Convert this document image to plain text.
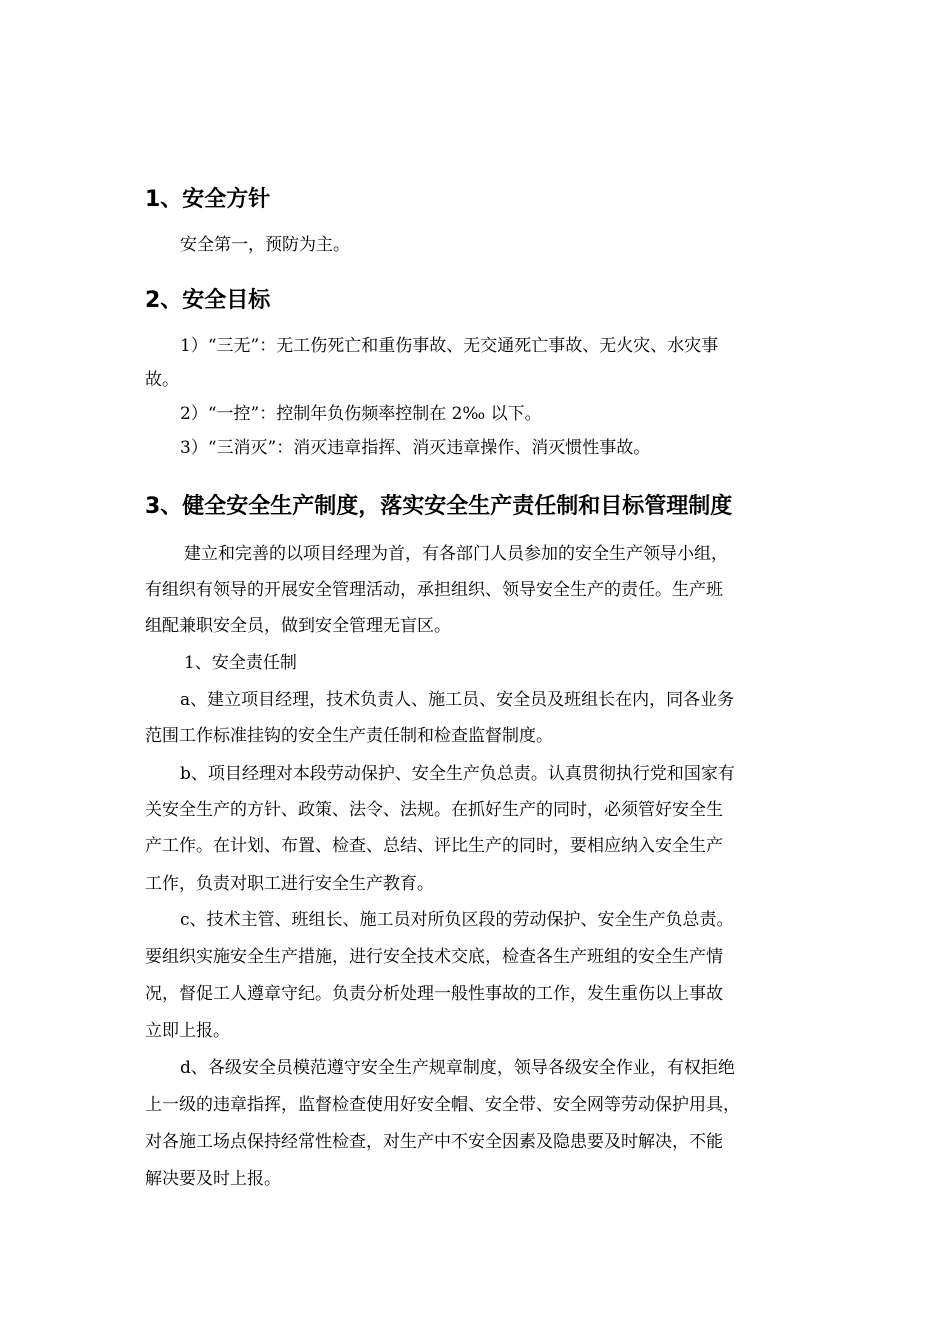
1、安全方针
安全第一，预防为主。
2、安全目标
1）“三无”：无工伤死亡和重伤事故、无交通死亡事故、无火灾、水灾事
故。
2）“一控”：控制年负伤频率控制在 2‰ 以下。
3）“三消灭”：消灭违章指挥、消灭违章操作、消灭惯性事故。
3、健全安全生产制度，落实安全生产责任制和目标管理制度
建立和完善的以项目经理为首，有各部门人员参加的安全生产领导小组，
有组织有领导的开展安全管理活动，承担组织、领导安全生产的责任。生产班
组配兼职安全员，做到安全管理无盲区。
1、安全责任制
a、建立项目经理，技术负责人、施工员、安全员及班组长在内，同各业务
范围工作标准挂钩的安全生产责任制和检查监督制度。
b、项目经理对本段劳动保护、安全生产负总责。认真贯彻执行党和国家有
关安全生产的方针、政策、法令、法规。在抓好生产的同时，必须管好安全生
产工作。在计划、布置、检查、总结、评比生产的同时，要相应纳入安全生产
工作，负责对职工进行安全生产教育。
c、技术主管、班组长、施工员对所负区段的劳动保护、安全生产负总责。
要组织实施安全生产措施，进行安全技术交底，检查各生产班组的安全生产情
况，督促工人遵章守纪。负责分析处理一般性事故的工作，发生重伤以上事故
立即上报。
d、各级安全员模范遵守安全生产规章制度，领导各级安全作业，有权拒绝
上一级的违章指挥，监督检查使用好安全帽、安全带、安全网等劳动保护用具，
对各施工场点保持经常性检查，对生产中不安全因素及隐患要及时解决，不能
解决要及时上报。
